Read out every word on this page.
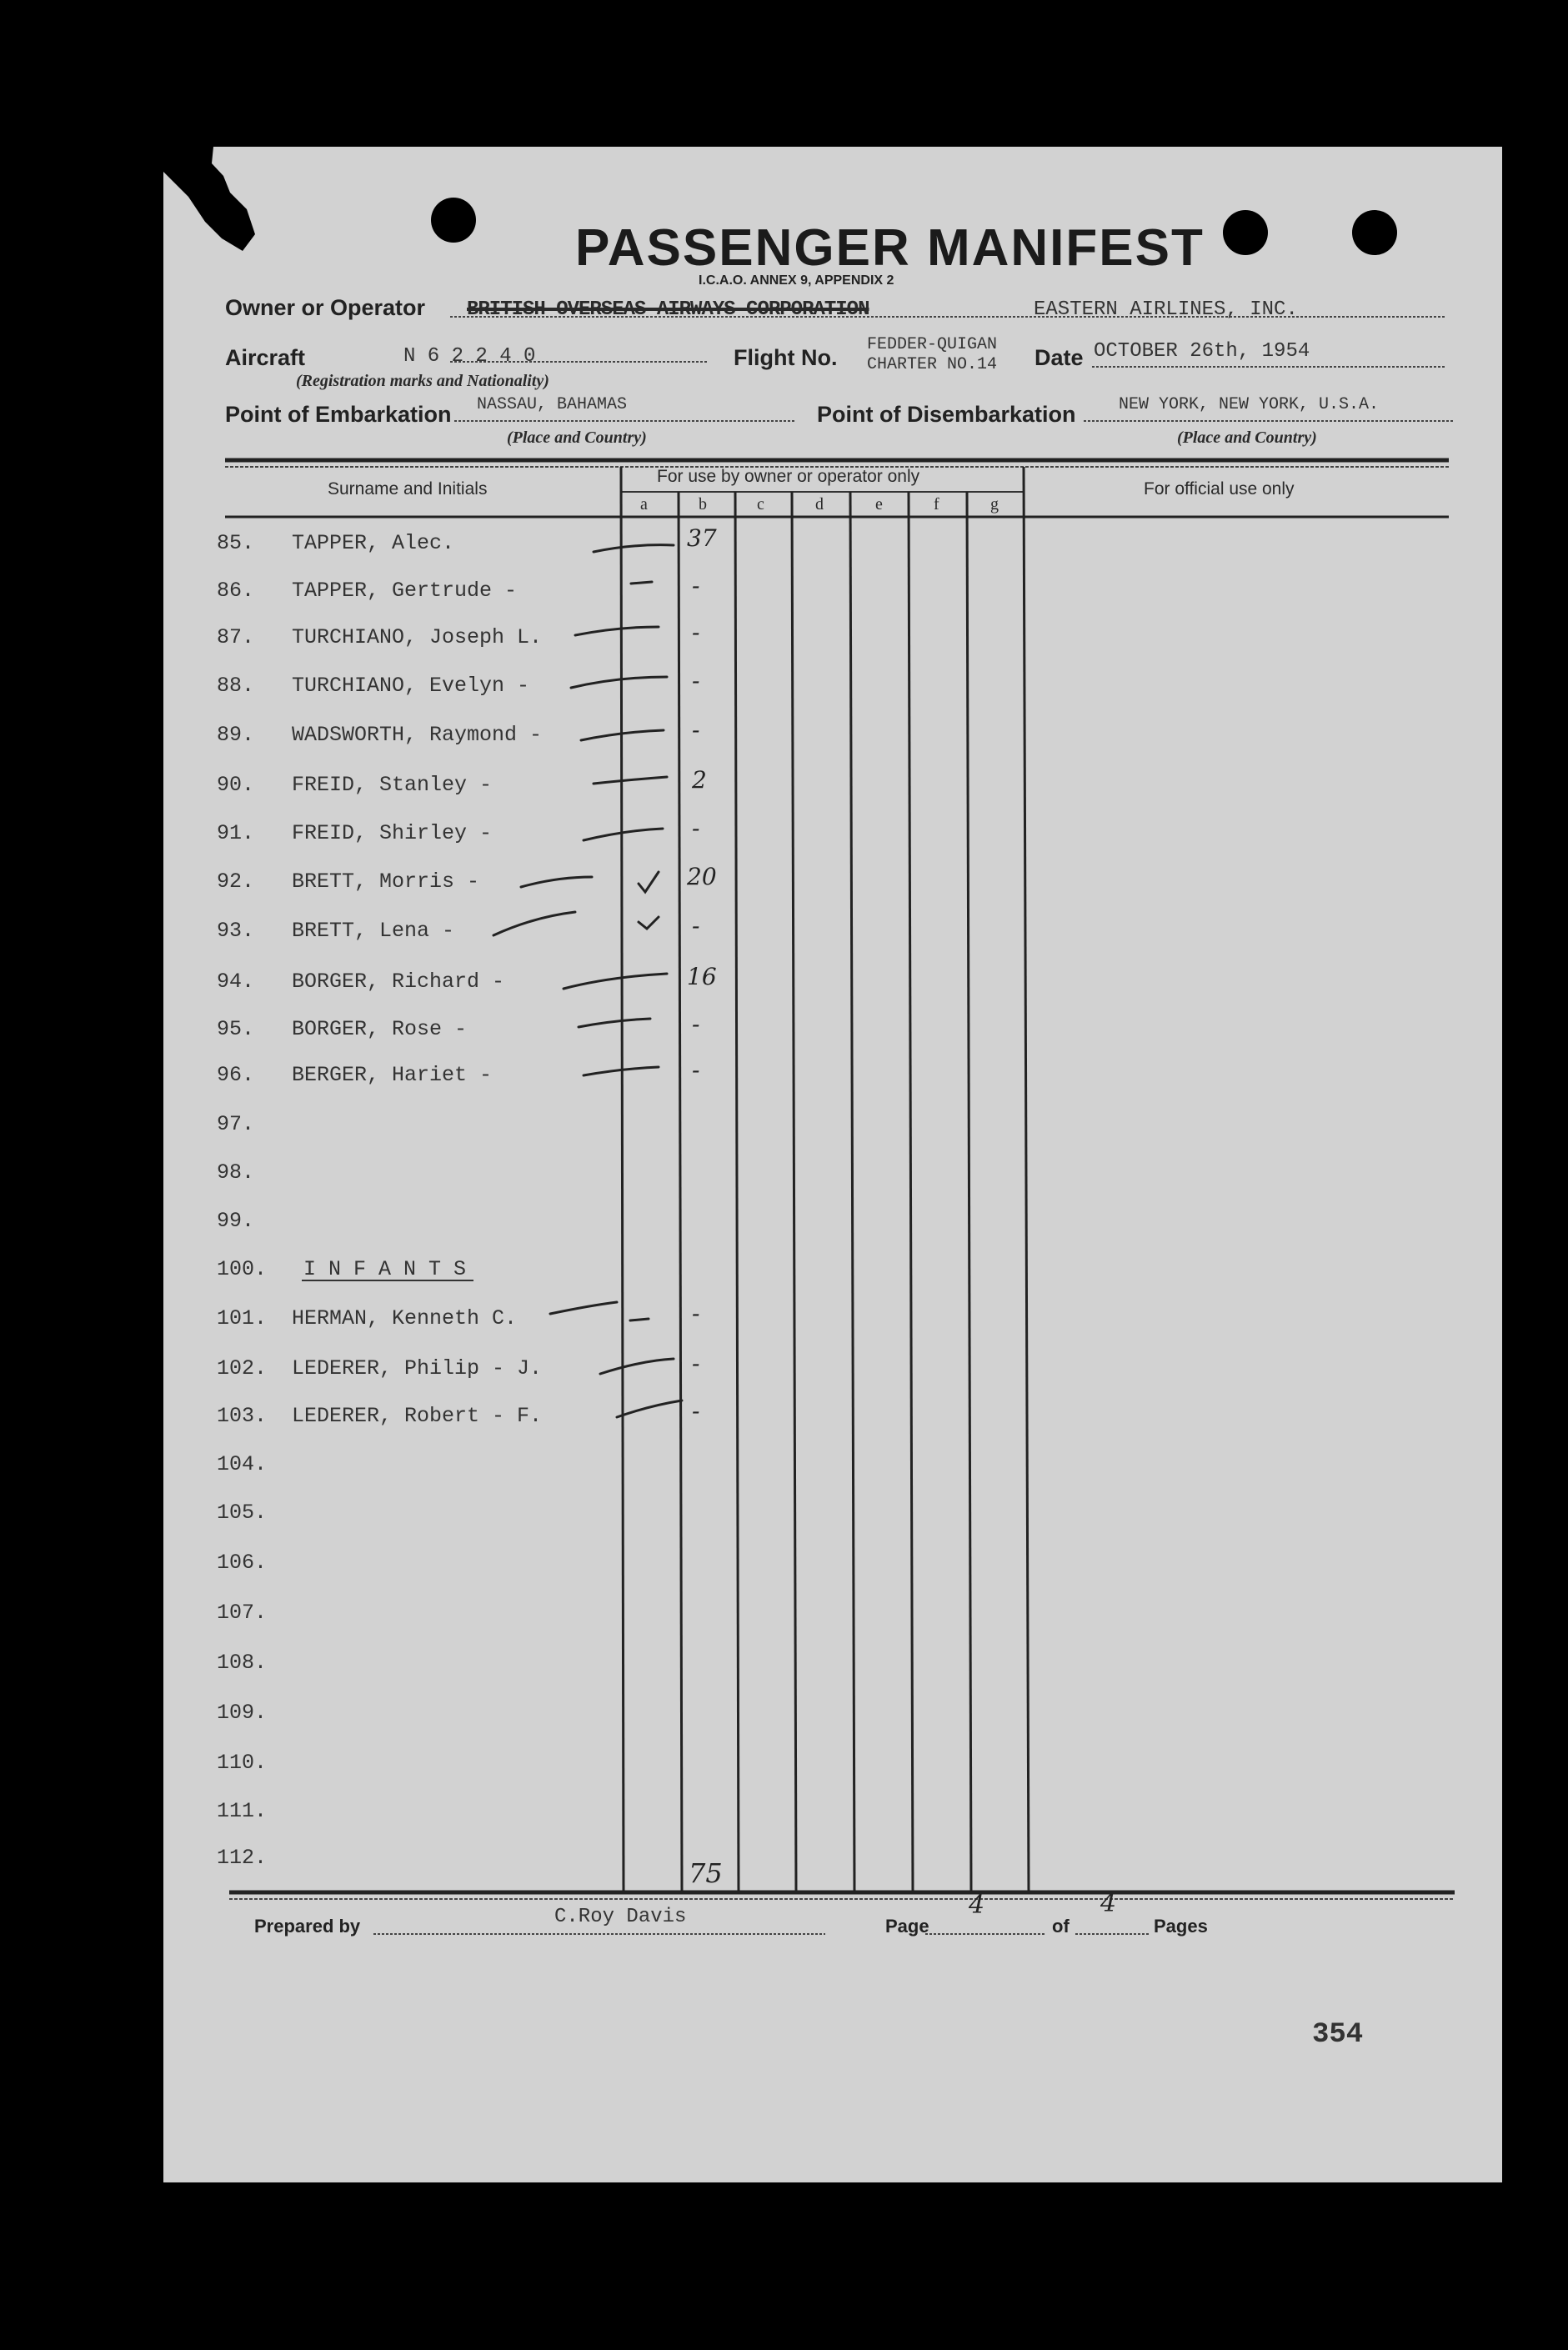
PASSENGER MANIFEST
I.C.A.O. ANNEX 9, APPENDIX 2
Owner or Operator BRITISH OVERSEAS AIRWAYS CORPORATION	EASTERN AIRLINES, INC.
Aircraft	N 6 2 2 4 0
(Registration marks and Nationality)
Flight No.
FEDDER-QUIGAN
CHARTER NO.14 Date OCTOBER 26th, 1954
Point of Embarkation NASSAU, BAHAMAS
(Place and Country)
Point of Disembarkation	NEW YORK, NEW YORK, U.S.A.
(Place and Country)
Surname and Initials
For use by owner or operator only
For official use only
a	b	c	d	e	f	g
85. TAPPER, Alec.	37
86. TAPPER, Gertrude -	-
87. TURCHIANO, Joseph L.	-
88. TURCHIANO, Evelyn -	-
89. WADSWORTH, Raymond -	-
90. FREID, Stanley -	2
91. FREID, Shirley -	-
92. BRETT, Morris -	20
93. BRETT, Lena -	-
94. BORGER, Richard -	16
95. BORGER, Rose -	-
96. BERGER, Hariet -	-
97.
98.
99.
100. I N F A N T S
101. HERMAN, Kenneth C.	-
102. LEDERER, Philip - J.	-
103. LEDERER, Robert - F.	-
104.
105.
106.
107.
108.
109.
110.
111.
112.	75
Prepared by	C.Roy Davis	Page
4
of
4
Pages
354
